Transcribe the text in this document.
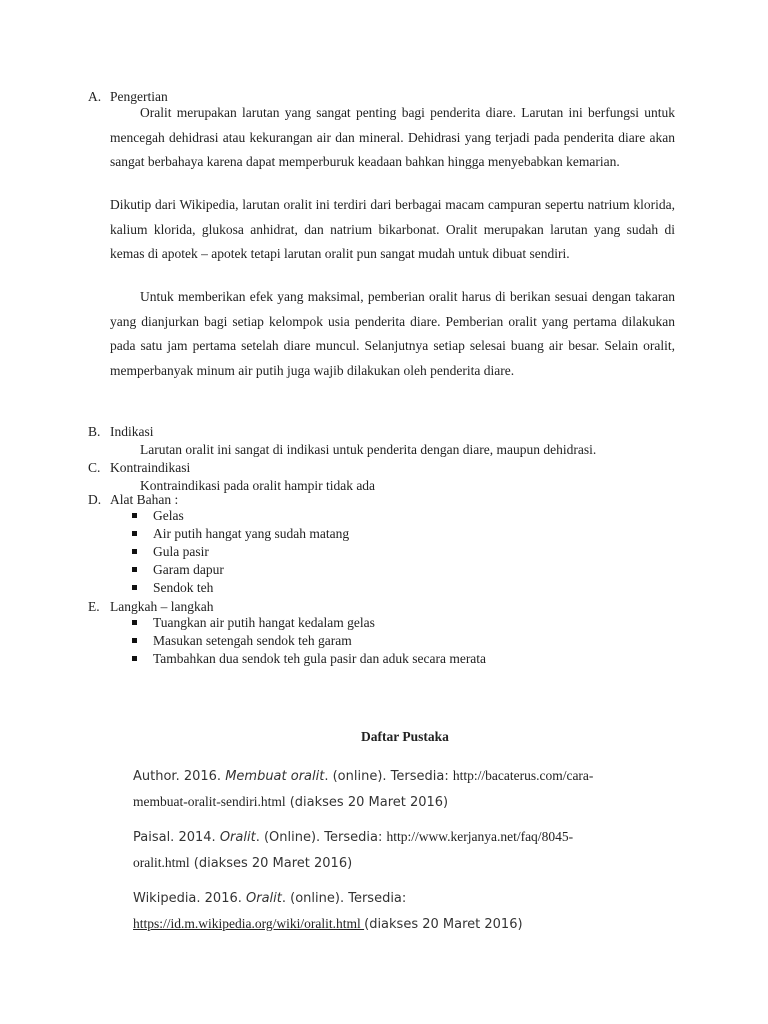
A. Pengertian

Oralit merupakan larutan yang sangat penting bagi penderita diare. Larutan ini berfungsi untuk mencegah dehidrasi atau kekurangan air dan mineral. Dehidrasi yang terjadi pada penderita diare akan sangat berbahaya karena dapat memperburuk keadaan bahkan hingga menyebabkan kemarian.

Dikutip dari Wikipedia, larutan oralit ini terdiri dari berbagai macam campuran sepertu natrium klorida, kalium klorida, glukosa anhidrat, dan natrium bikarbonat. Oralit merupakan larutan yang sudah di kemas di apotek – apotek tetapi larutan oralit pun sangat mudah untuk dibuat sendiri.

Untuk memberikan efek yang maksimal, pemberian oralit harus di berikan sesuai dengan takaran yang dianjurkan bagi setiap kelompok usia penderita diare. Pemberian oralit yang pertama dilakukan pada satu jam pertama setelah diare muncul. Selanjutnya setiap selesai buang air besar. Selain oralit, memperbanyak minum air putih juga wajib dilakukan oleh penderita diare.

B. Indikasi
Larutan oralit ini sangat di indikasi untuk penderita dengan diare, maupun dehidrasi.
C. Kontraindikasi
Kontraindikasi pada oralit hampir tidak ada
D. Alat Bahan :
Gelas
Air putih hangat yang sudah matang
Gula pasir
Garam dapur
Sendok teh
E. Langkah – langkah
Tuangkan air putih hangat kedalam gelas
Masukan setengah sendok teh garam
Tambahkan dua sendok teh gula pasir dan aduk secara merata
Daftar Pustaka
Author. 2016. Membuat oralit. (online). Tersedia: http://bacaterus.com/cara-
membuat-oralit-sendiri.html (diakses 20 Maret 2016)
Paisal. 2014. Oralit. (Online). Tersedia: http://www.kerjanya.net/faq/8045-
oralit.html (diakses 20 Maret 2016)
Wikipedia. 2016. Oralit. (online). Tersedia:
https://id.m.wikipedia.org/wiki/oralit.html (diakses 20 Maret 2016)
